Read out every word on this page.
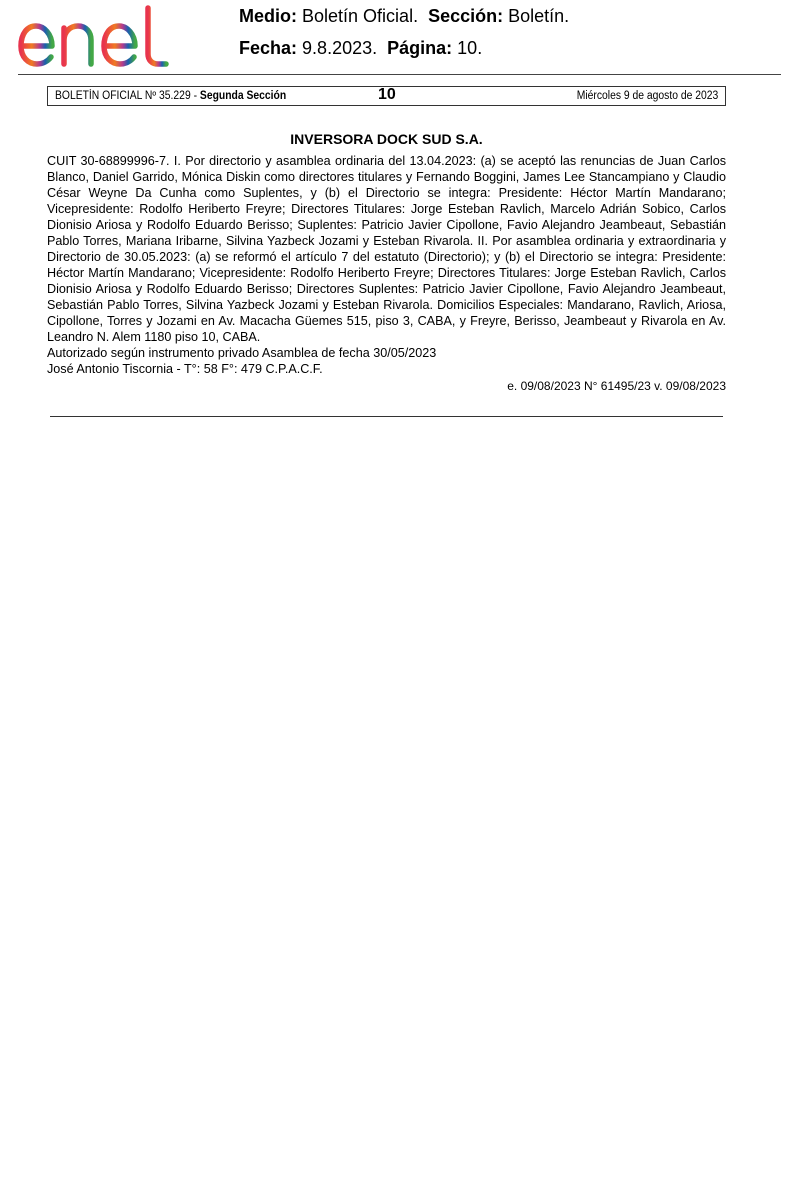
Medio: Boletín Oficial. Sección: Boletín.
Fecha: 9.8.2023. Página: 10.
BOLETÍN OFICIAL Nº 35.229 - Segunda Sección	10	Miércoles 9 de agosto de 2023
INVERSORA DOCK SUD S.A.

CUIT 30-68899996-7. I. Por directorio y asamblea ordinaria del 13.04.2023: (a) se aceptó las renuncias de Juan Carlos Blanco, Daniel Garrido, Mónica Diskin como directores titulares y Fernando Boggini, James Lee Stancampiano y Claudio César Weyne Da Cunha como Suplentes, y (b) el Directorio se integra: Presidente: Héctor Martín Mandarano; Vicepresidente: Rodolfo Heriberto Freyre; Directores Titulares: Jorge Esteban Ravlich, Marcelo Adrián Sobico, Carlos Dionisio Ariosa y Rodolfo Eduardo Berisso; Suplentes: Patricio Javier Cipollone, Favio Alejandro Jeambeaut, Sebastián Pablo Torres, Mariana Iribarne, Silvina Yazbeck Jozami y Esteban Rivarola. II. Por asamblea ordinaria y extraordinaria y Directorio de 30.05.2023: (a) se reformó el artículo 7 del estatuto (Directorio); y (b) el Directorio se integra: Presidente: Héctor Martín Mandarano; Vicepresidente: Rodolfo Heriberto Freyre; Directores Titulares: Jorge Esteban Ravlich, Carlos Dionisio Ariosa y Rodolfo Eduardo Berisso; Directores Suplentes: Patricio Javier Cipollone, Favio Alejandro Jeambeaut, Sebastián Pablo Torres, Silvina Yazbeck Jozami y Esteban Rivarola. Domicilios Especiales: Mandarano, Ravlich, Ariosa, Cipollone, Torres y Jozami en Av. Macacha Güemes 515, piso 3, CABA, y Freyre, Berisso, Jeambeaut y Rivarola en Av. Leandro N. Alem 1180 piso 10, CABA.

Autorizado según instrumento privado Asamblea de fecha 30/05/2023
José Antonio Tiscornia - T°: 58 F°: 479 C.P.A.C.F.
e. 09/08/2023 N° 61495/23 v. 09/08/2023
